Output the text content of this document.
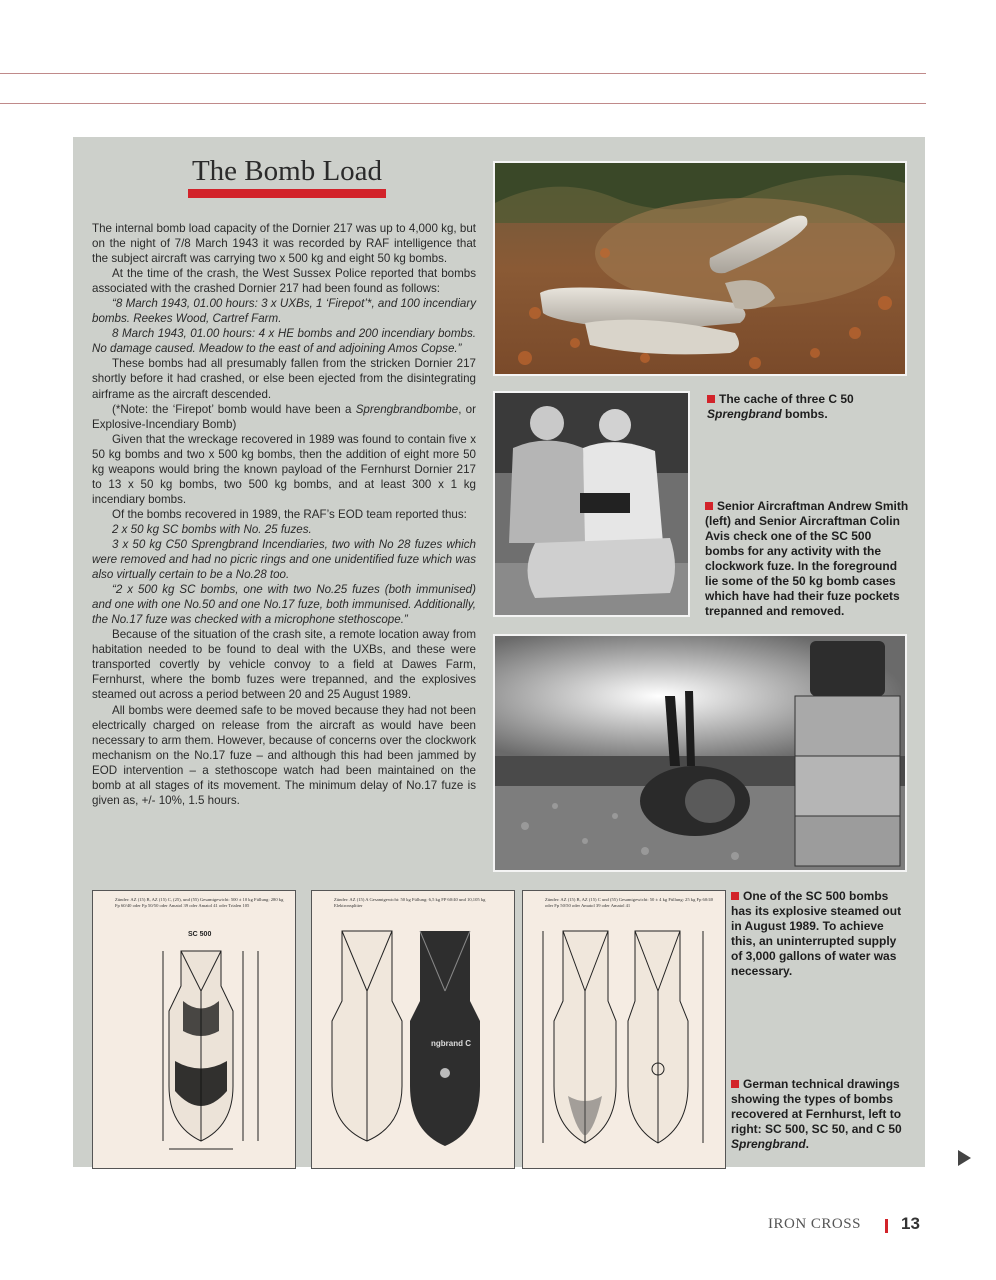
The Bomb Load

The internal bomb load capacity of the Dornier 217 was up to 4,000 kg, but on the night of 7/8 March 1943 it was recorded by RAF intelligence that the subject aircraft was carrying two x 500 kg and eight 50 kg bombs.

At the time of the crash, the West Sussex Police reported that bombs associated with the crashed Dornier 217 had been found as follows:

“8 March 1943, 01.00 hours: 3 x UXBs, 1 ‘Firepot’*, and 100 incendiary bombs. Reekes Wood, Cartref Farm.

8 March 1943, 01.00 hours: 4 x HE bombs and 200 incendiary bombs. No damage caused. Meadow to the east of and adjoining Amos Copse.”

These bombs had all presumably fallen from the stricken Dornier 217 shortly before it had crashed, or else been ejected from the disintegrating airframe as the aircraft descended.

(*Note: the ‘Firepot’ bomb would have been a Sprengbrandbombe, or Explosive-Incendiary Bomb)

Given that the wreckage recovered in 1989 was found to contain five x 50 kg bombs and two x 500 kg bombs, then the addition of eight more 50 kg weapons would bring the known payload of the Fernhurst Dornier 217 to 13 x 50 kg bombs, two 500 kg bombs, and at least 300 x 1 kg incendiary bombs.

Of the bombs recovered in 1989, the RAF’s EOD team reported thus:

2 x 50 kg SC bombs with No. 25 fuzes.

3 x 50 kg C50 Sprengbrand Incendiaries, two with No 28 fuzes which were removed and had no picric rings and one unidentified fuze which was also virtually certain to be a No.28 too.

“2 x 500 kg SC bombs, one with two No.25 fuzes (both immunised) and one with one No.50 and one No.17 fuze, both immunised. Additionally, the No.17 fuze was checked with a microphone stethoscope.”

Because of the situation of the crash site, a remote location away from habitation needed to be found to deal with the UXBs, and these were transported covertly by vehicle convoy to a field at Dawes Farm, Fernhurst, where the bomb fuzes were trepanned, and the explosives steamed out across a period between 20 and 25 August 1989.

All bombs were deemed safe to be moved because they had not been electrically charged on release from the aircraft as would have been necessary to arm them. However, because of concerns over the clockwork mechanism on the No.17 fuze – and although this had been jammed by EOD intervention – a stethoscope watch had been maintained on the bomb at all stages of its movement. The minimum delay of No.17 fuze is given as, +/- 10%, 1.5 hours.

The cache of three C 50 Sprengbrand bombs.
Senior Aircraftman Andrew Smith (left) and Senior Aircraftman Colin Avis check one of the SC 500 bombs for any activity with the clockwork fuze. In the foreground lie some of the 50 kg bomb cases which have had their fuze pockets trepanned and removed.
One of the SC 500 bombs has its explosive steamed out in August 1989. To achieve this, an uninterrupted supply of 3,000 gallons of water was necessary.
German technical drawings showing the types of bombs recovered at Fernhurst, left to right: SC 500, SC 50, and C 50 Sprengbrand.
Zünder: AZ (15) B, AZ (15) C, (25), und (55) Gesamtgewicht: 500 ± 10 kg Füllung: 280 kg Fp 60/40 oder Fp 50/50 oder Amatol 39 oder Amatol 41 oder Trialen 105
SC 500
Zünder: AZ (15) A Gesamtgewicht: 50 kg Füllung: 6,5 kg FP 60/40 und 10,105 kg Elektronsplitter
ngbrand C
Zünder: AZ (15) B, AZ (15) C und (55) Gesamtgewicht: 50 ± 4 kg Füllung: 25 kg Fp 60/40 oder Fp 50/50 oder Amatol 39 oder Amatol 41
IRON CROSS 13
